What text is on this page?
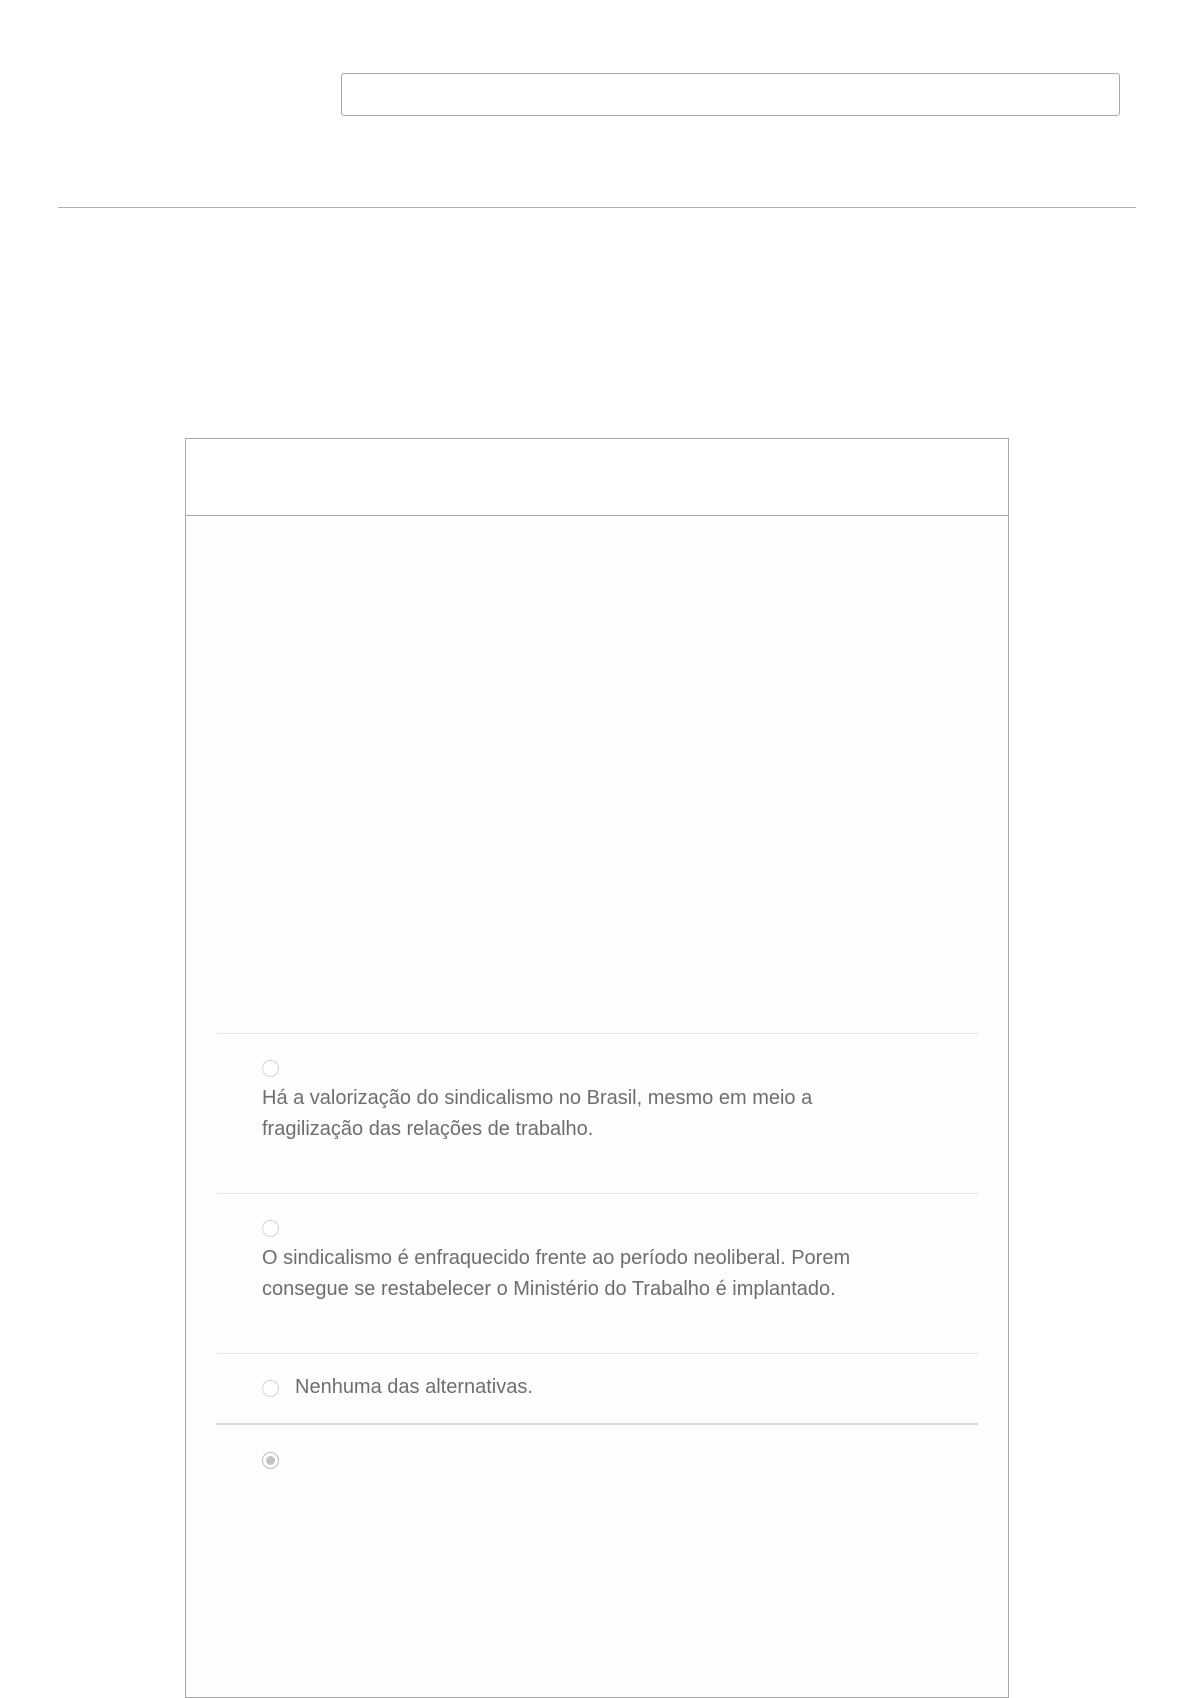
Há a valorização do sindicalismo no Brasil, mesmo em meio a fragilização das relações de trabalho.
O sindicalismo é enfraquecido frente ao período neoliberal. Porem consegue se restabelecer o Ministério do Trabalho é implantado.
Nenhuma das alternativas.
